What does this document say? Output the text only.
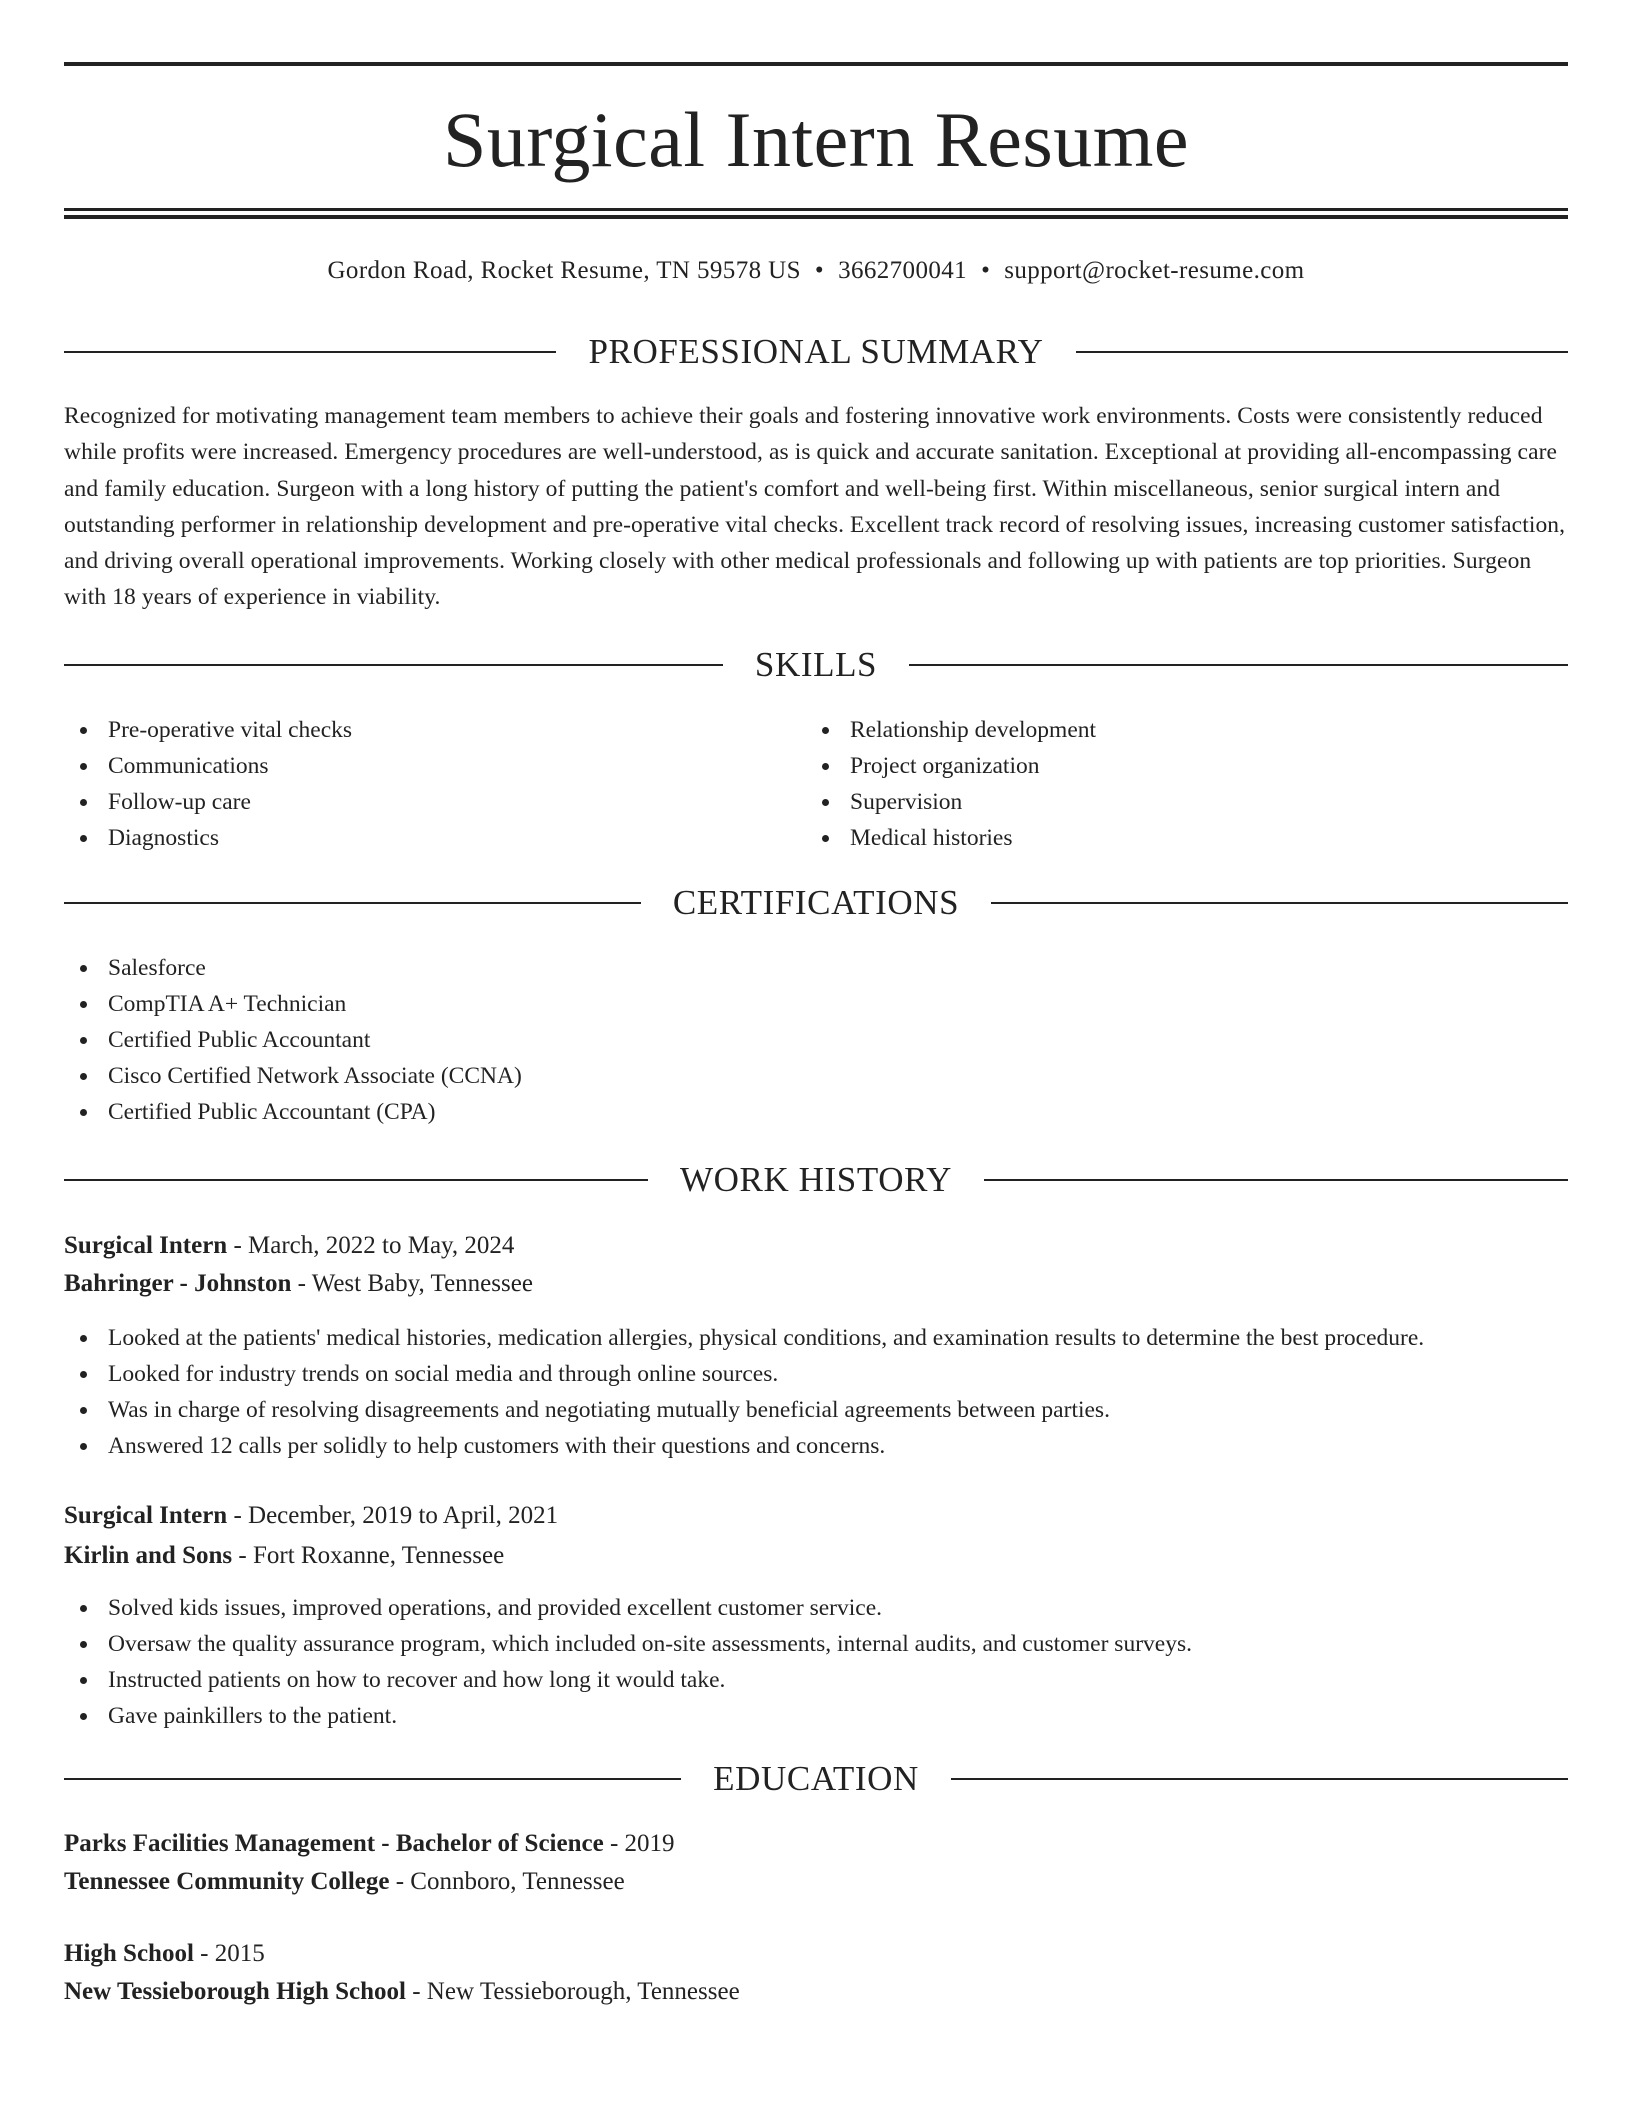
Surgical Intern Resume
Gordon Road, Rocket Resume, TN 59578 US • 3662700041 • support@rocket-resume.com
PROFESSIONAL SUMMARY

Recognized for motivating management team members to achieve their goals and fostering innovative work environments. Costs were consistently reduced while profits were increased. Emergency procedures are well-understood, as is quick and accurate sanitation. Exceptional at providing all-encompassing care and family education. Surgeon with a long history of putting the patient's comfort and well-being first. Within miscellaneous, senior surgical intern and outstanding performer in relationship development and pre-operative vital checks. Excellent track record of resolving issues, increasing customer satisfaction, and driving overall operational improvements. Working closely with other medical professionals and following up with patients are top priorities. Surgeon with 18 years of experience in viability.

SKILLS
Pre-operative vital checks
Communications
Follow-up care
Diagnostics
Relationship development
Project organization
Supervision
Medical histories
CERTIFICATIONS
Salesforce
CompTIA A+ Technician
Certified Public Accountant
Cisco Certified Network Associate (CCNA)
Certified Public Accountant (CPA)
WORK HISTORY
Surgical Intern - March, 2022 to May, 2024
Bahringer - Johnston - West Baby, Tennessee
Looked at the patients' medical histories, medication allergies, physical conditions, and examination results to determine the best procedure.
Looked for industry trends on social media and through online sources.
Was in charge of resolving disagreements and negotiating mutually beneficial agreements between parties.
Answered 12 calls per solidly to help customers with their questions and concerns.
Surgical Intern - December, 2019 to April, 2021
Kirlin and Sons - Fort Roxanne, Tennessee
Solved kids issues, improved operations, and provided excellent customer service.
Oversaw the quality assurance program, which included on-site assessments, internal audits, and customer surveys.
Instructed patients on how to recover and how long it would take.
Gave painkillers to the patient.
EDUCATION
Parks Facilities Management - Bachelor of Science - 2019
Tennessee Community College - Connboro, Tennessee
High School - 2015
New Tessieborough High School - New Tessieborough, Tennessee
